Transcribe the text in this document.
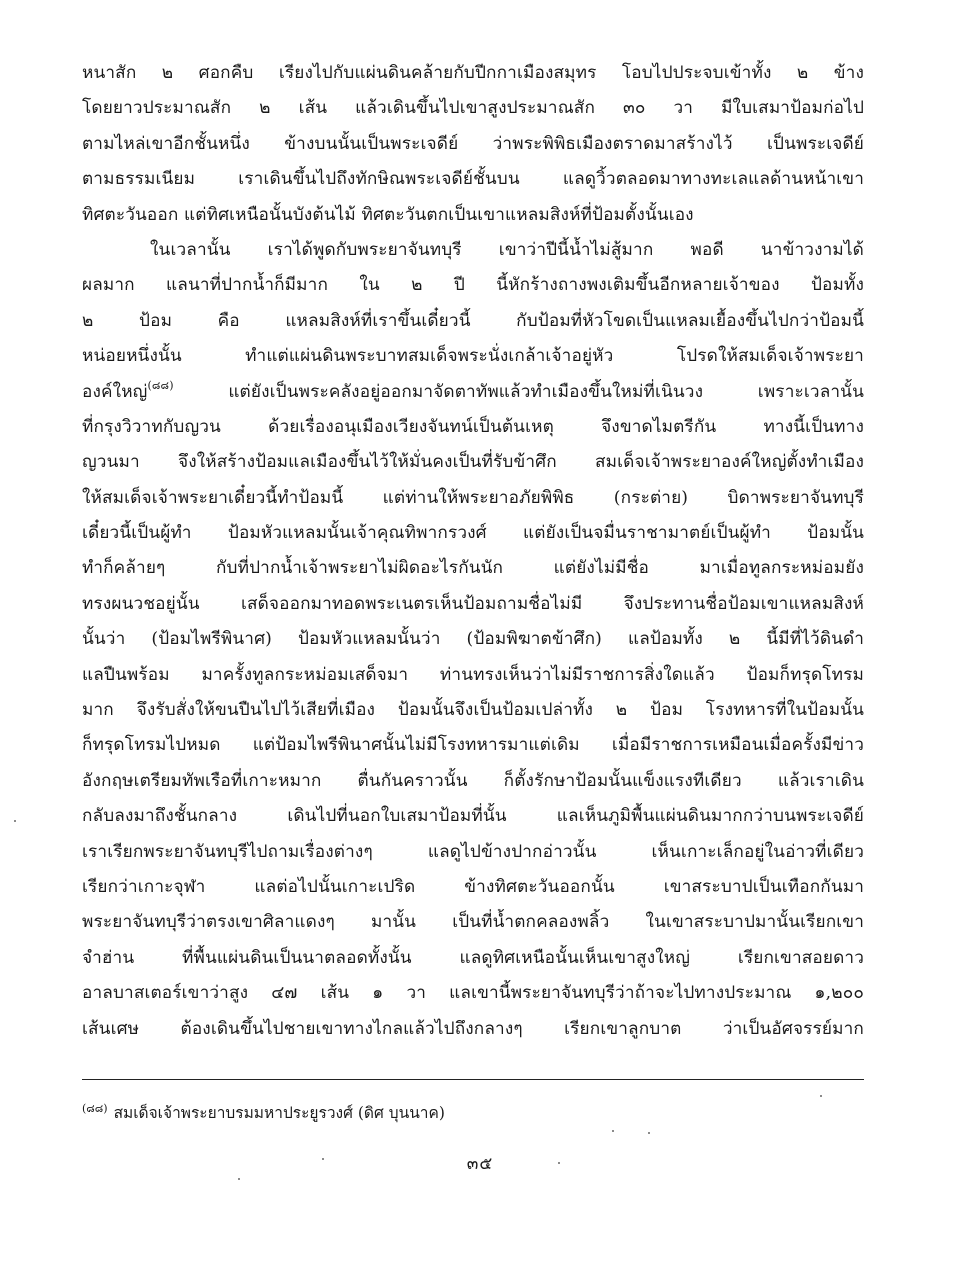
หนาสัก ๒ ศอกคืบ เรียงไปกับแผ่นดินคล้ายกับปีกกาเมืองสมุทร โอบไปประจบเข้าทั้ง ๒ ข้าง
โดยยาวประมาณสัก ๒ เส้น แล้วเดินขึ้นไปเขาสูงประมาณสัก ๓๐ วา มีใบเสมาป้อมก่อไป
ตามไหล่เขาอีกชั้นหนึ่ง ข้างบนนั้นเป็นพระเจดีย์ ว่าพระพิพิธเมืองตราดมาสร้างไว้ เป็นพระเจดีย์
ตามธรรมเนียม เราเดินขึ้นไปถึงทักษิณพระเจดีย์ชั้นบน แลดูวิ้วตลอดมาทางทะเลแลด้านหน้าเขา
ทิศตะวันออก แต่ทิศเหนือนั้นบังต้นไม้ ทิศตะวันตกเป็นเขาแหลมสิงห์ที่ป้อมตั้งนั้นเอง
ในเวลานั้น เราได้พูดกับพระยาจันทบุรี เขาว่าปีนี้น้ำไม่สู้มาก พอดี นาข้าวงามได้
ผลมาก แลนาที่ปากน้ำก็มีมาก ใน ๒ ปี นี้หักร้างถางพงเติมขึ้นอีกหลายเจ้าของ ป้อมทั้ง
๒ ป้อม คือ แหลมสิงห์ที่เราขึ้นเดี๋ยวนี้ กับป้อมที่หัวโขดเป็นแหลมเยื้องขึ้นไปกว่าป้อมนี้
หน่อยหนึ่งนั้น ทำแต่แผ่นดินพระบาทสมเด็จพระนั่งเกล้าเจ้าอยู่หัว โปรดให้สมเด็จเจ้าพระยา
องค์ใหญ่$^{(๘๘)}$	แต่ยังเป็นพระคลังอยู่ออกมาจัดตาทัพแล้วทำเมืองขึ้นใหม่ที่เนินวง เพราะเวลานั้น
ที่กรุงวิวาทกับญวน ด้วยเรื่องอนุเมืองเวียงจันทน์เป็นต้นเหตุ จึงขาดไมตรีกัน ทางนี้เป็นทาง
ญวนมา จึงให้สร้างป้อมแลเมืองขึ้นไว้ให้มั่นคงเป็นที่รับข้าศึก สมเด็จเจ้าพระยาองค์ใหญ่ตั้งทำเมือง
ให้สมเด็จเจ้าพระยาเดี๋ยวนี้ทำป้อมนี้ แต่ท่านให้พระยาอภัยพิพิธ (กระต่าย) บิดาพระยาจันทบุรี
เดี๋ยวนี้เป็นผู้ทำ ป้อมหัวแหลมนั้นเจ้าคุณทิพากรวงศ์ แต่ยังเป็นจมื่นราชามาตย์เป็นผู้ทำ ป้อมนั้น
ทำก็คล้ายๆ กับที่ปากน้ำเจ้าพระยาไม่ผิดอะไรกันนัก แต่ยังไม่มีชื่อ มาเมื่อทูลกระหม่อมยัง
ทรงผนวชอยู่นั้น เสด็จออกมาทอดพระเนตรเห็นป้อมถามชื่อไม่มี จึงประทานชื่อป้อมเขาแหลมสิงห์
นั้นว่า (ป้อมไพรีพินาศ) ป้อมหัวแหลมนั้นว่า (ป้อมพิฆาตข้าศึก) แลป้อมทั้ง ๒ นี้มีที่ไว้ดินดำ
แลปืนพร้อม มาครั้งทูลกระหม่อมเสด็จมา ท่านทรงเห็นว่าไม่มีราชการสิ่งใดแล้ว ป้อมก็ทรุดโทรม
มาก จึงรับสั่งให้ขนปืนไปไว้เสียที่เมือง ป้อมนั้นจึงเป็นป้อมเปล่าทั้ง ๒ ป้อม โรงทหารที่ในป้อมนั้น
ก็ทรุดโทรมไปหมด แต่ป้อมไพรีพินาศนั้นไม่มีโรงทหารมาแต่เดิม เมื่อมีราชการเหมือนเมื่อครั้งมีข่าว
อังกฤษเตรียมทัพเรือที่เกาะหมาก ตื่นกันคราวนั้น ก็ตั้งรักษาป้อมนั้นแข็งแรงทีเดียว แล้วเราเดิน
กลับลงมาถึงชั้นกลาง เดินไปที่นอกใบเสมาป้อมที่นั้น แลเห็นภูมิพื้นแผ่นดินมากกว่าบนพระเจดีย์
เราเรียกพระยาจันทบุรีไปถามเรื่องต่างๆ แลดูไปข้างปากอ่าวนั้น เห็นเกาะเล็กอยู่ในอ่าวที่เดียว
เรียกว่าเกาะจุฬา แลต่อไปนั้นเกาะเปริด ข้างทิศตะวันออกนั้น เขาสระบาปเป็นเทือกกันมา
พระยาจันทบุรีว่าตรงเขาศิลาแดงๆ มานั้น เป็นที่น้ำตกคลองพลิ้ว ในเขาสระบาปมานั้นเรียกเขา
จำฮ่าน ที่พื้นแผ่นดินเป็นนาตลอดทั้งนั้น แลดูทิศเหนือนั้นเห็นเขาสูงใหญ่ เรียกเขาสอยดาว
อาลบาสเตอร์เขาว่าสูง ๔๗ เส้น ๑ วา แลเขานี้พระยาจันทบุรีว่าถ้าจะไปทางประมาณ ๑,๒๐๐
เส้นเศษ ต้องเดินขึ้นไปชายเขาทางไกลแล้วไปถึงกลางๆ เรียกเขาลูกบาต ว่าเป็นอัศจรรย์มาก
$^{(๘๘)}$ สมเด็จเจ้าพระยาบรมมหาประยูรวงศ์ (ดิศ บุนนาค)
๓๕
